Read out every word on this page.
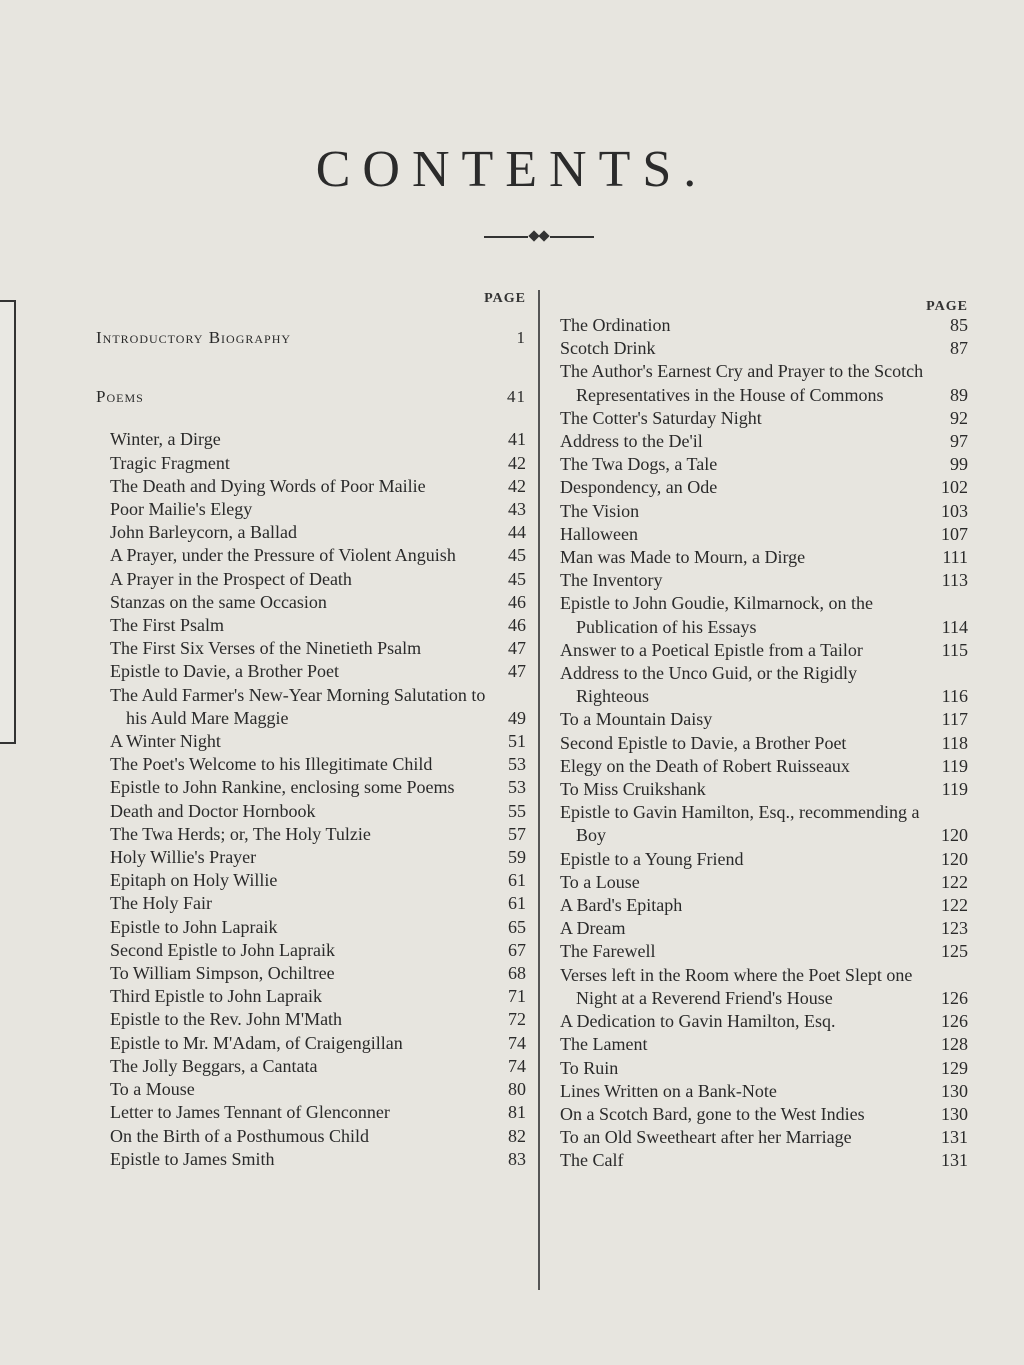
CONTENTS.
PAGE
Introductory Biography	1
Poems	41
Winter, a Dirge	41
Tragic Fragment	42
The Death and Dying Words of Poor Mailie	42
Poor Mailie's Elegy	43
John Barleycorn, a Ballad	44
A Prayer, under the Pressure of Violent Anguish	45
A Prayer in the Prospect of Death	45
Stanzas on the same Occasion	46
The First Psalm	46
The First Six Verses of the Ninetieth Psalm	47
Epistle to Davie, a Brother Poet	47
The Auld Farmer's New-Year Morning Salutation to his Auld Mare Maggie	49
A Winter Night	51
The Poet's Welcome to his Illegitimate Child	53
Epistle to John Rankine, enclosing some Poems	53
Death and Doctor Hornbook	55
The Twa Herds; or, The Holy Tulzie	57
Holy Willie's Prayer	59
Epitaph on Holy Willie	61
The Holy Fair	61
Epistle to John Lapraik	65
Second Epistle to John Lapraik	67
To William Simpson, Ochiltree	68
Third Epistle to John Lapraik	71
Epistle to the Rev. John M'Math	72
Epistle to Mr. M'Adam, of Craigengillan	74
The Jolly Beggars, a Cantata	74
To a Mouse	80
Letter to James Tennant of Glenconner	81
On the Birth of a Posthumous Child	82
Epistle to James Smith	83
PAGE
The Ordination	85
Scotch Drink	87
The Author's Earnest Cry and Prayer to the Scotch Representatives in the House of Commons	89
The Cotter's Saturday Night	92
Address to the De'il	97
The Twa Dogs, a Tale	99
Despondency, an Ode	102
The Vision	103
Halloween	107
Man was Made to Mourn, a Dirge	111
The Inventory	113
Epistle to John Goudie, Kilmarnock, on the Publication of his Essays	114
Answer to a Poetical Epistle from a Tailor	115
Address to the Unco Guid, or the Rigidly Righteous	116
To a Mountain Daisy	117
Second Epistle to Davie, a Brother Poet	118
Elegy on the Death of Robert Ruisseaux	119
To Miss Cruikshank	119
Epistle to Gavin Hamilton, Esq., recommending a Boy	120
Epistle to a Young Friend	120
To a Louse	122
A Bard's Epitaph	122
A Dream	123
The Farewell	125
Verses left in the Room where the Poet Slept one Night at a Reverend Friend's House	126
A Dedication to Gavin Hamilton, Esq.	126
The Lament	128
To Ruin	129
Lines Written on a Bank-Note	130
On a Scotch Bard, gone to the West Indies	130
To an Old Sweetheart after her Marriage	131
The Calf	131
